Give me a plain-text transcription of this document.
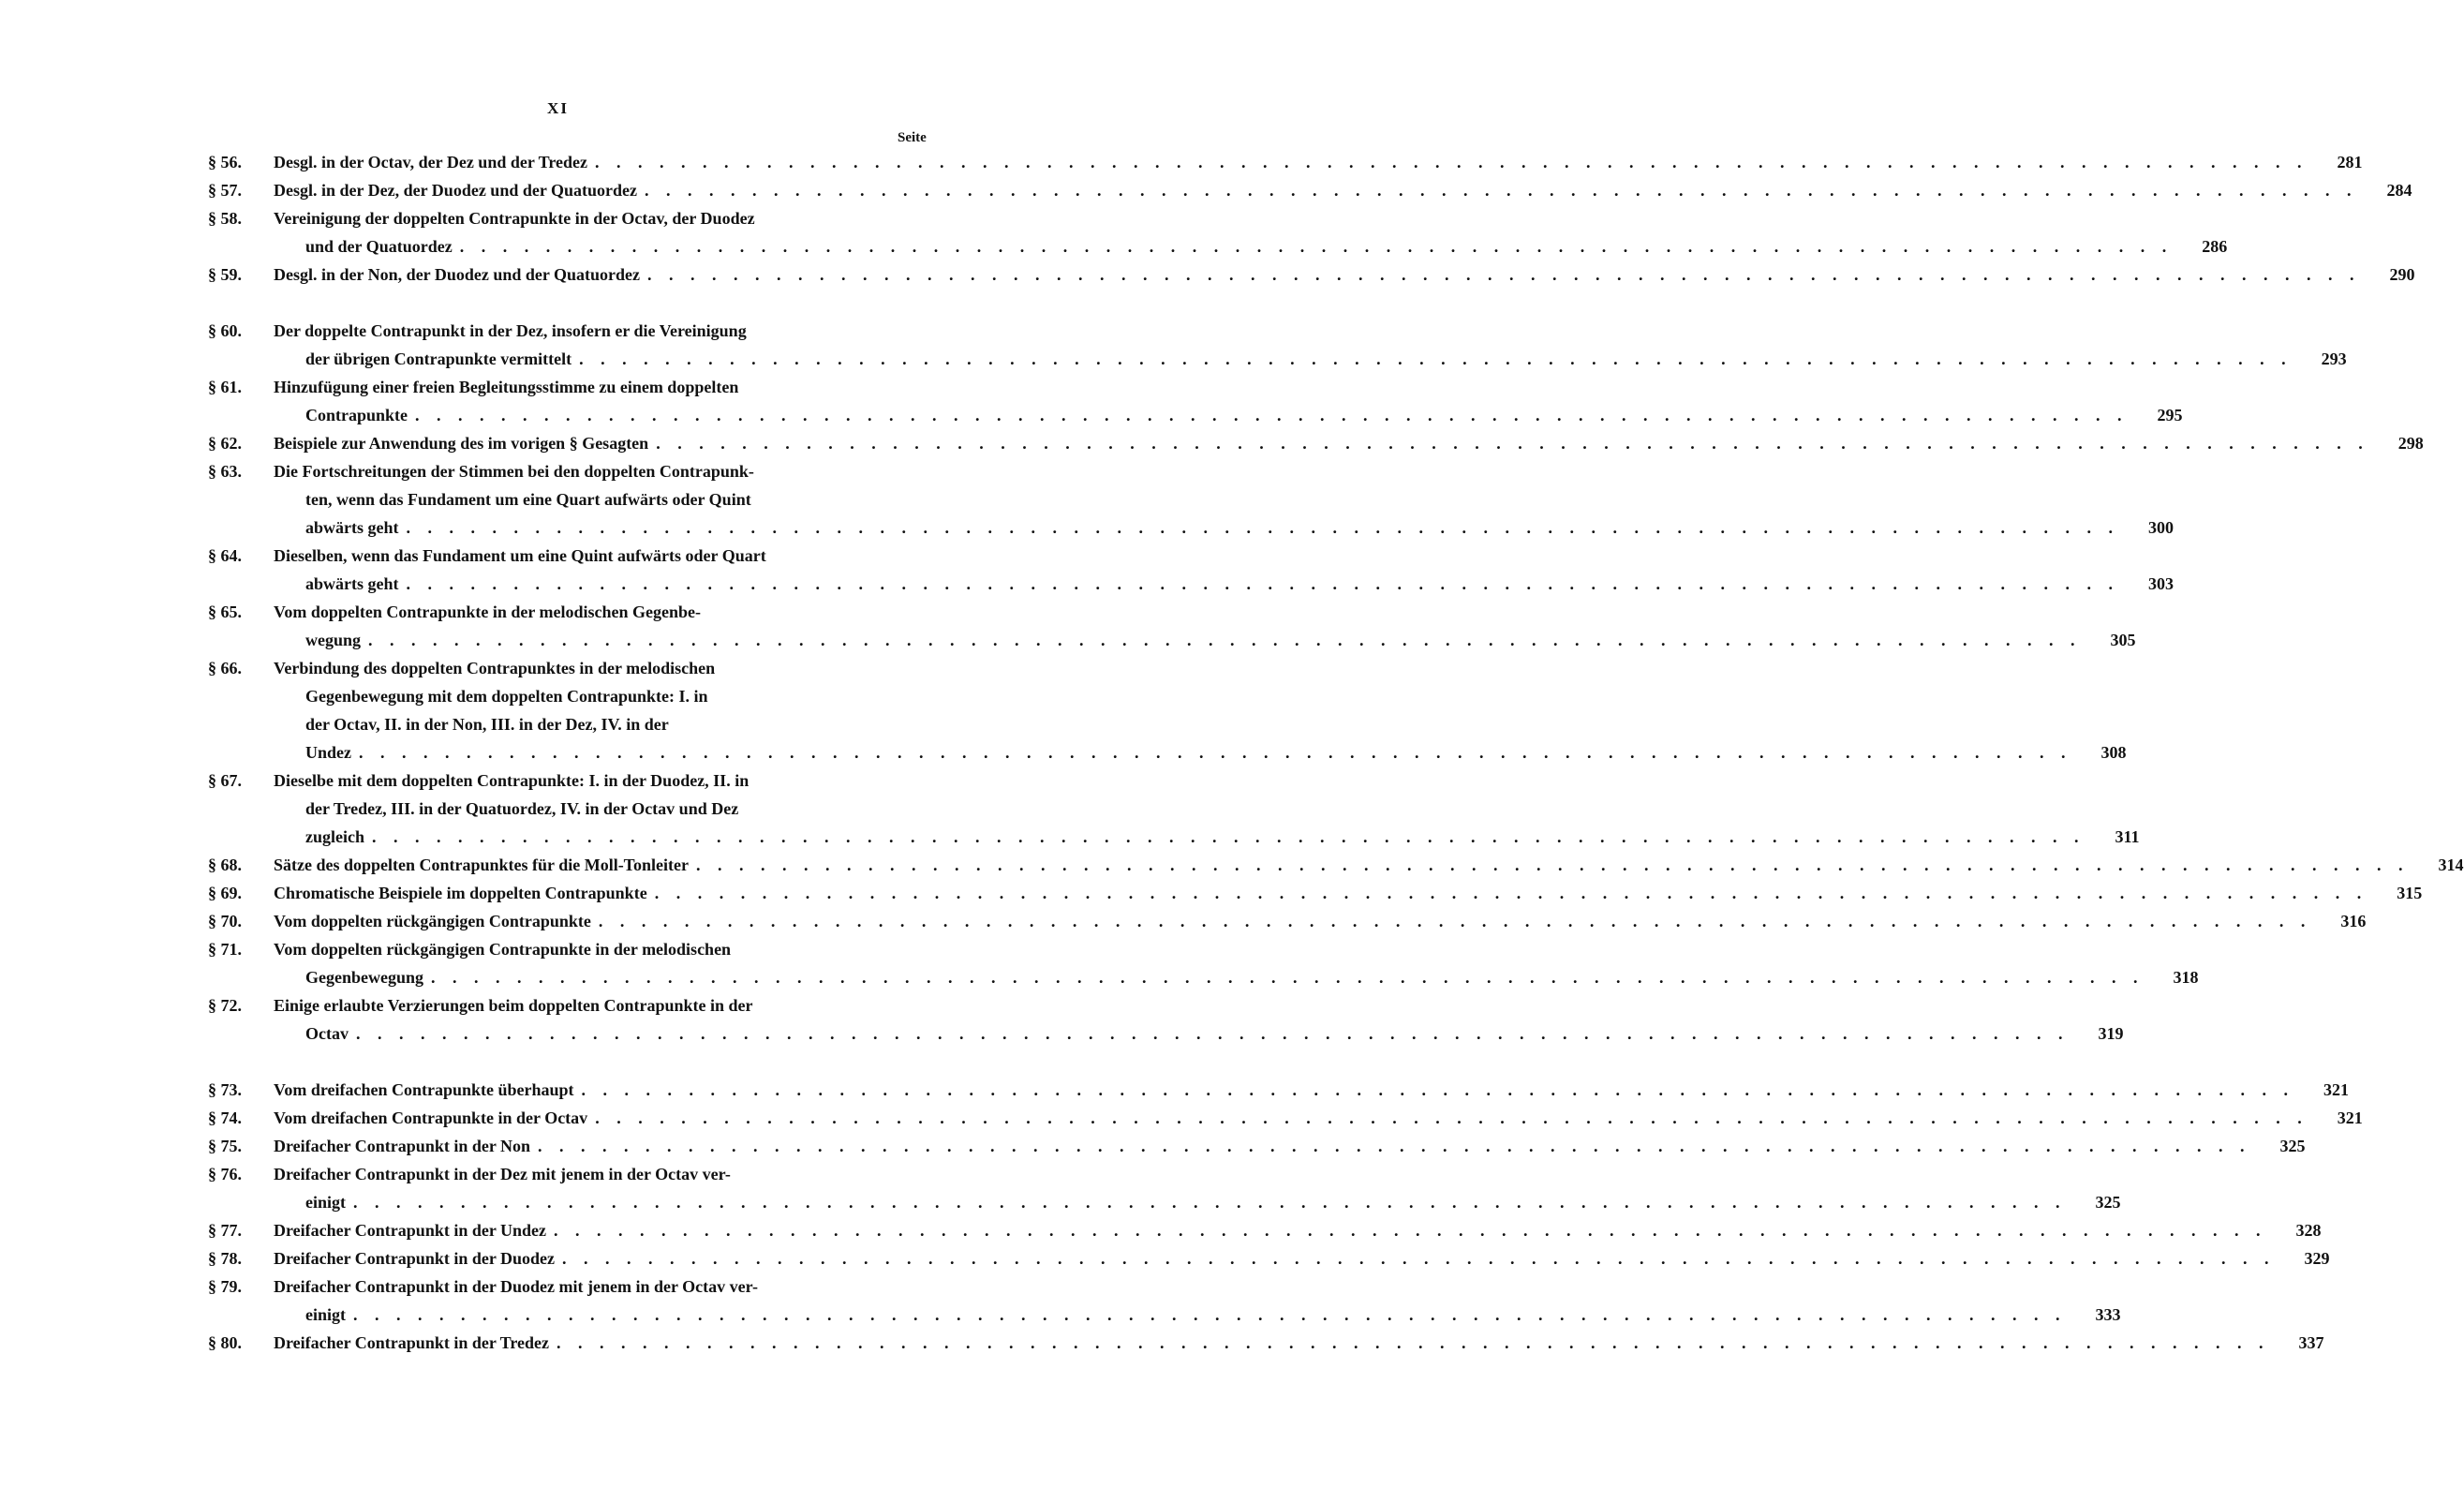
XI
Seite
§ 56.	Desgl. in der Octav, der Dez und der Tredez . . . . . . . . . . . . . . . . . . . . . . . . . . . . . . . . . . . . . . . . . . . . . . . . . . . . . . . . . . . . . . . . . . . . . . . . . . . . . . . .	281
§ 57.	Desgl. in der Dez, der Duodez und der Quatuordez . . . . . . . . . . . . . . . . . . . . . . . . . . . . . . . . . . . . . . . . . . . . . . . . . . . . . . . . . . . . . . . . . . . . . . . . . . . . . . . .	284
§ 58.	Vereinigung der doppelten Contrapunkte in der Octav, der Duodez
und der Quatuordez . . . . . . . . . . . . . . . . . . . . . . . . . . . . . . . . . . . . . . . . . . . . . . . . . . . . . . . . . . . . . . . . . . . . . . . . . . . . . . . .	286
§ 59.	Desgl. in der Non, der Duodez und der Quatuordez . . . . . . . . . . . . . . . . . . . . . . . . . . . . . . . . . . . . . . . . . . . . . . . . . . . . . . . . . . . . . . . . . . . . . . . . . . . . . . . .	290
§ 60.	Der doppelte Contrapunkt in der Dez, insofern er die Vereinigung
der übrigen Contrapunkte vermittelt . . . . . . . . . . . . . . . . . . . . . . . . . . . . . . . . . . . . . . . . . . . . . . . . . . . . . . . . . . . . . . . . . . . . . . . . . . . . . . . .	293
§ 61.	Hinzufügung einer freien Begleitungsstimme zu einem doppelten
Contrapunkte . . . . . . . . . . . . . . . . . . . . . . . . . . . . . . . . . . . . . . . . . . . . . . . . . . . . . . . . . . . . . . . . . . . . . . . . . . . . . . . .	295
§ 62.	Beispiele zur Anwendung des im vorigen § Gesagten . . . . . . . . . . . . . . . . . . . . . . . . . . . . . . . . . . . . . . . . . . . . . . . . . . . . . . . . . . . . . . . . . . . . . . . . . . . . . . . .	298
§ 63.	Die Fortschreitungen der Stimmen bei den doppelten Contrapunk-
ten, wenn das Fundament um eine Quart aufwärts oder Quint
abwärts geht . . . . . . . . . . . . . . . . . . . . . . . . . . . . . . . . . . . . . . . . . . . . . . . . . . . . . . . . . . . . . . . . . . . . . . . . . . . . . . . .	300
§ 64.	Dieselben, wenn das Fundament um eine Quint aufwärts oder Quart
abwärts geht . . . . . . . . . . . . . . . . . . . . . . . . . . . . . . . . . . . . . . . . . . . . . . . . . . . . . . . . . . . . . . . . . . . . . . . . . . . . . . . .	303
§ 65.	Vom doppelten Contrapunkte in der melodischen Gegenbe-
wegung . . . . . . . . . . . . . . . . . . . . . . . . . . . . . . . . . . . . . . . . . . . . . . . . . . . . . . . . . . . . . . . . . . . . . . . . . . . . . . . .	305
§ 66.	Verbindung des doppelten Contrapunktes in der melodischen
Gegenbewegung mit dem doppelten Contrapunkte: I. in
der Octav, II. in der Non, III. in der Dez, IV. in der
Undez . . . . . . . . . . . . . . . . . . . . . . . . . . . . . . . . . . . . . . . . . . . . . . . . . . . . . . . . . . . . . . . . . . . . . . . . . . . . . . . .	308
§ 67.	Dieselbe mit dem doppelten Contrapunkte: I. in der Duodez, II. in
der Tredez, III. in der Quatuordez, IV. in der Octav und Dez
zugleich . . . . . . . . . . . . . . . . . . . . . . . . . . . . . . . . . . . . . . . . . . . . . . . . . . . . . . . . . . . . . . . . . . . . . . . . . . . . . . . .	311
§ 68.	Sätze des doppelten Contrapunktes für die Moll-Tonleiter . . . . . . . . . . . . . . . . . . . . . . . . . . . . . . . . . . . . . . . . . . . . . . . . . . . . . . . . . . . . . . . . . . . . . . . . . . . . . . . .	314
§ 69.	Chromatische Beispiele im doppelten Contrapunkte . . . . . . . . . . . . . . . . . . . . . . . . . . . . . . . . . . . . . . . . . . . . . . . . . . . . . . . . . . . . . . . . . . . . . . . . . . . . . . . .	315
§ 70.	Vom doppelten rückgängigen Contrapunkte . . . . . . . . . . . . . . . . . . . . . . . . . . . . . . . . . . . . . . . . . . . . . . . . . . . . . . . . . . . . . . . . . . . . . . . . . . . . . . . .	316
§ 71.	Vom doppelten rückgängigen Contrapunkte in der melodischen
Gegenbewegung . . . . . . . . . . . . . . . . . . . . . . . . . . . . . . . . . . . . . . . . . . . . . . . . . . . . . . . . . . . . . . . . . . . . . . . . . . . . . . . .	318
§ 72.	Einige erlaubte Verzierungen beim doppelten Contrapunkte in der
Octav . . . . . . . . . . . . . . . . . . . . . . . . . . . . . . . . . . . . . . . . . . . . . . . . . . . . . . . . . . . . . . . . . . . . . . . . . . . . . . . .	319
§ 73.	Vom dreifachen Contrapunkte überhaupt . . . . . . . . . . . . . . . . . . . . . . . . . . . . . . . . . . . . . . . . . . . . . . . . . . . . . . . . . . . . . . . . . . . . . . . . . . . . . . . .	321
§ 74.	Vom dreifachen Contrapunkte in der Octav . . . . . . . . . . . . . . . . . . . . . . . . . . . . . . . . . . . . . . . . . . . . . . . . . . . . . . . . . . . . . . . . . . . . . . . . . . . . . . . .	321
§ 75.	Dreifacher Contrapunkt in der Non . . . . . . . . . . . . . . . . . . . . . . . . . . . . . . . . . . . . . . . . . . . . . . . . . . . . . . . . . . . . . . . . . . . . . . . . . . . . . . . .	325
§ 76.	Dreifacher Contrapunkt in der Dez mit jenem in der Octav ver-
einigt . . . . . . . . . . . . . . . . . . . . . . . . . . . . . . . . . . . . . . . . . . . . . . . . . . . . . . . . . . . . . . . . . . . . . . . . . . . . . . . .	325
§ 77.	Dreifacher Contrapunkt in der Undez . . . . . . . . . . . . . . . . . . . . . . . . . . . . . . . . . . . . . . . . . . . . . . . . . . . . . . . . . . . . . . . . . . . . . . . . . . . . . . . .	328
§ 78.	Dreifacher Contrapunkt in der Duodez . . . . . . . . . . . . . . . . . . . . . . . . . . . . . . . . . . . . . . . . . . . . . . . . . . . . . . . . . . . . . . . . . . . . . . . . . . . . . . . .	329
§ 79.	Dreifacher Contrapunkt in der Duodez mit jenem in der Octav ver-
einigt . . . . . . . . . . . . . . . . . . . . . . . . . . . . . . . . . . . . . . . . . . . . . . . . . . . . . . . . . . . . . . . . . . . . . . . . . . . . . . . .	333
§ 80.	Dreifacher Contrapunkt in der Tredez . . . . . . . . . . . . . . . . . . . . . . . . . . . . . . . . . . . . . . . . . . . . . . . . . . . . . . . . . . . . . . . . . . . . . . . . . . . . . . . .	337
